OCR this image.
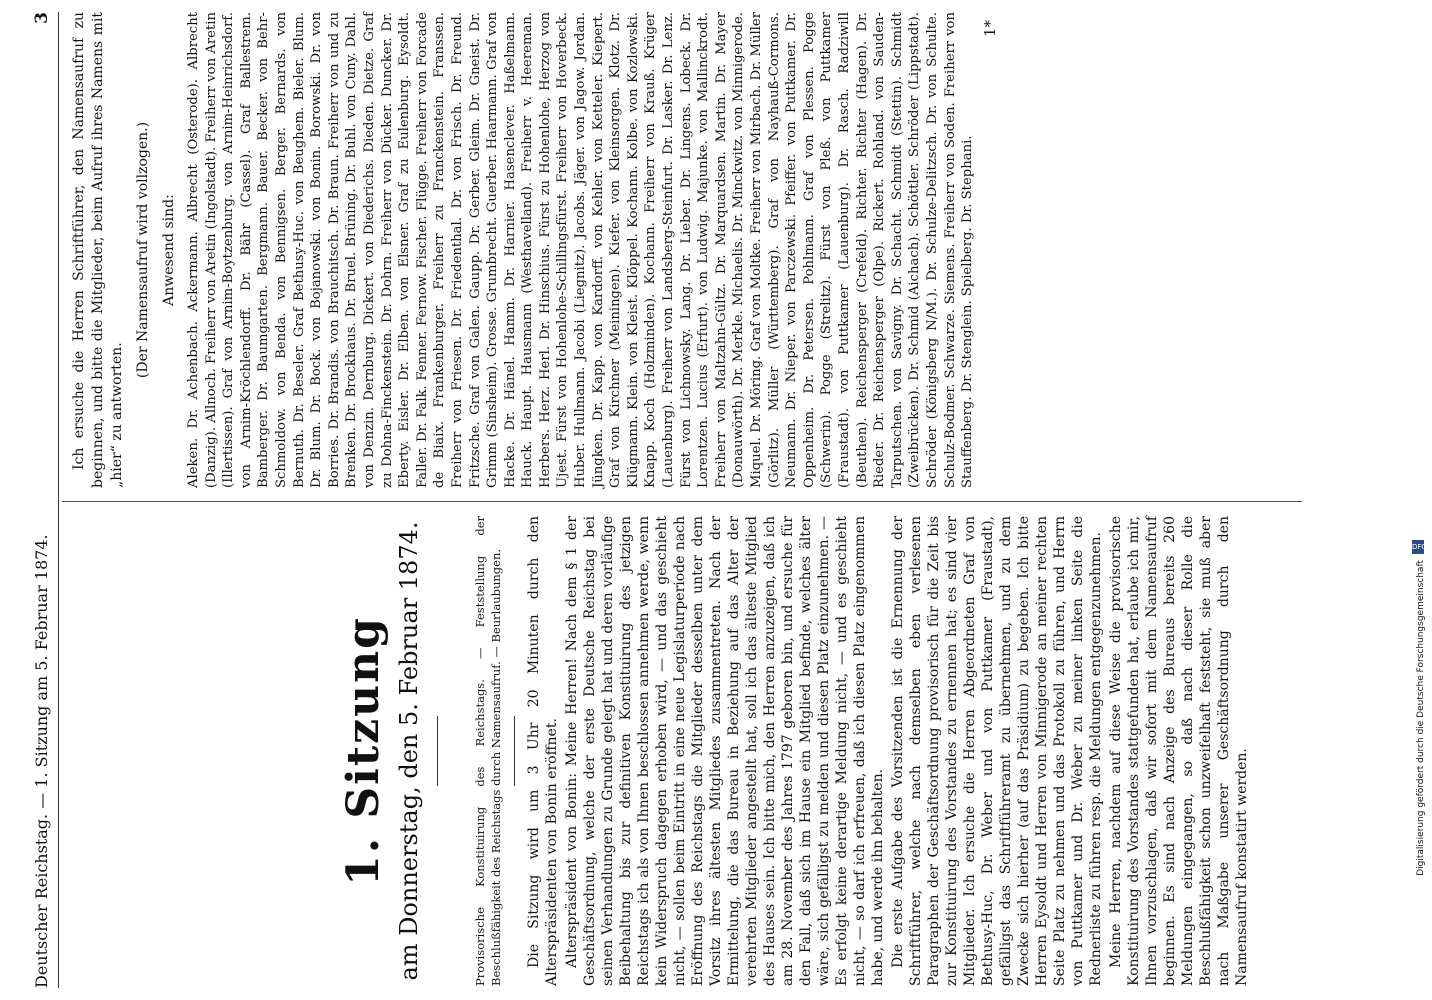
Deutscher Reichstag. — 1. Sitzung am 5. Februar 1874.
3
1. Sitzung am Donnerstag, den 5. Februar 1874.	Provisorische Konstituirung des Reichstags. — Feststellung der Beschlußfähigkeit des Reichstags durch Namensaufruf. — Beurlaubungen. Die Sitzung wird um 3 Uhr 20 Minuten durch den Alterspräsidenten von Bonin eröffnet. Alterspräsident von Bonin: Meine Herren! Nach dem § 1 der Geschäftsordnung, welche der erste Deutsche Reichstag bei seinen Verhandlungen zu Grunde gelegt hat und deren vorläufige Beibehaltung bis zur definitiven Konstituirung des jetzigen Reichstags ich als von Ihnen beschlossen annehmen werde, wenn kein Widerspruch dagegen erhoben wird, — und das geschieht nicht, — sollen beim Eintritt in eine neue Legislaturperiode nach Eröffnung des Reichstags die Mitglieder desselben unter dem Vorsitz ihres ältesten Mitgliedes zusammentreten. Nach der Ermittelung, die das Bureau in Beziehung auf das Alter der verehrten Mitglieder angestellt hat, soll ich das älteste Mitglied des Hauses sein. Ich bitte mich, den Herren anzuzeigen, daß ich am 28. November des Jahres 1797 geboren bin, und ersuche für den Fall, daß sich im Hause ein Mitglied befinde, welches älter wäre, sich gefälligst zu melden und diesen Platz einzunehmen. — Es erfolgt keine derartige Meldung nicht, — und es geschieht nicht, — so darf ich erfreuen, daß ich diesen Platz eingenommen habe, und werde ihn behalten. Die erste Aufgabe des Vorsitzenden ist die Ernennung der Schriftführer, welche nach demselben eben verlesenen Paragraphen der Geschäftsordnung provisorisch für die Zeit bis zur Konstituirung des Vorstandes zu ernennen hat; es sind vier Mitglieder. Ich ersuche die Herren Abgeordneten Graf von Bethusy-Huc, Dr. Weber und von Puttkamer (Fraustadt), gefälligst das Schriftführeramt zu übernehmen, und zu dem Zwecke sich hierher (auf das Präsidium) zu begeben. Ich bitte Herren Eysoldt und Herren von Minnigerode an meiner rechten Seite Platz zu nehmen und das Protokoll zu führen, und Herrn von Puttkamer und Dr. Weber zu meiner linken Seite die Rednerliste zu führen resp. die Meldungen entgegenzunehmen. Meine Herren, nachdem auf diese Weise die provisorische Konstituirung des Vorstandes stattgefunden hat, erlaube ich mir, Ihnen vorzuschlagen, daß wir sofort mit dem Namensaufruf beginnen. Es sind nach Anzeige des Bureaus bereits 260 Meldungen eingegangen, so daß nach dieser Rolle die Beschlußfähigkeit schon unzweifelhaft feststeht, sie muß aber nach Maßgabe unserer Geschäftsordnung durch den Namensaufruf konstatirt werden.

Ich ersuche die Herren Schriftführer, den Namensaufruf zu beginnen, und bitte die Mitglieder, beim Aufruf ihres Namens mit „hier“ zu antworten.
(Der Namensaufruf wird vollzogen.) Anwesend sind: Aleken. Dr. Achenbach. Ackermann. Albrecht (Osterode). Albrecht (Danzig). Allnoch. Freiherr von Aretin (Ingolstadt). Freiherr von Aretin (Illertissen). Graf von Arnim-Boytzenburg. von Arnim-Heinrichsdorf. von Arnim-Kröchlendorff. Dr. Bähr (Cassel). Graf Ballestrem. Bamberger. Dr. Baumgarten. Bergmann. Bauer. Becker. von Behr-Schmoldow. von Benda. von Bennigsen. Berger. Bernards. von Bernuth. Dr. Beseler. Graf Bethusy-Huc. von Beughem. Bieler. Blum. Dr. Blum. Dr. Bock. von Bojanowski. von Bonin. Borowski. Dr. von Borries. Dr. Brandis. von Brauchitsch. Dr. Braun. Freiherr von und zu Brenken. Dr. Brockhaus. Dr. Bruel. Brüning. Dr. Buhl. von Cuny. Dahl. von Denzin. Dernburg. Dickert. von Diederichs. Dieden. Dietze. Graf zu Dohna-Finckenstein. Dr. Dohrn. Freiherr von Dücker. Duncker. Dr. Eberty. Eisler. Dr. Elben. von Elsner. Graf zu Eulenburg. Eysoldt. Faller. Dr. Falk. Fenner. Fernow. Fischer. Flügge. Freiherr von Forcade de Biaix. Frankenburger. Freiherr zu Franckenstein. Franssen. Freiherr von Friesen. Dr. Friedenthal. Dr. von Frisch. Dr. Freund. Fritzsche. Graf von Galen. Gaupp. Dr. Gerber. Gleim. Dr. Gneist. Dr. Grimm (Sinsheim). Grosse. Grumbrecht. Guerber. Haarmann. Graf von Hacke. Dr. Hänel. Hamm. Dr. Harnier. Hasenclever. Haßelmann. Hauck. Haupt. Hausmann (Westhavelland). Freiherr v. Heereman. Herbers. Herz. Herl. Dr. Hinschius. Fürst zu Hohenlohe, Herzog von Ujest. Fürst von Hohenlohe-Schillingsfürst. Freiherr von Hoverbeck. Huber. Hullmann. Jacobi (Liegnitz). Jacobs. Jäger. von Jagow. Jordan. Jüngken. Dr. Kapp. von Kardorff. von Kehler. von Ketteler. Kiepert. Graf von Kirchner (Meiningen). Kiefer. von Kleinsorgen. Klotz. Dr. Klügmann. Klein. von Kleist. Klöppel. Kochann. Kolbe. von Kozlowski. Knapp. Koch (Holzminden). Kochann. Freiherr von Krauß. Krüger (Lauenburg). Freiherr von Landsberg-Steinfurt. Dr. Lasker. Dr. Lenz. Fürst von Lichnowsky. Lang. Dr. Lieber. Dr. Lingens. Lobeck. Dr. Lorentzen. Lucius (Erfurt). von Ludwig. Majunke. von Mallinckrodt. Freiherr von Maltzahn-Gültz. Dr. Marquardsen. Martin. Dr. Mayer (Donauwörth). Dr. Merkle. Michaelis. Dr. Minckwitz. von Minnigerode. Miquel. Dr. Möring. Graf von Moltke. Freiherr von Mirbach. Dr. Müller (Görlitz). Müller (Württemberg). Graf von Nayhauß-Cormons. Neumann. Dr. Nieper. von Parczewski. Pfeiffer. von Puttkamer. Dr. Oppenheim. Dr. Petersen. Pohlmann. Graf von Plessen. Pogge (Schwerin). Pogge (Strelitz). Fürst von Pleß. von Puttkamer (Fraustadt). von Puttkamer (Lauenburg). Dr. Rasch. Radziwill (Beuthen). Reichensperger (Crefeld). Richter. Richter (Hagen). Dr. Rieder. Dr. Reichensperger (Olpe). Rickert. Rohland. von Sauden-Tarputschen. von Savigny. Dr. Schacht. Schmidt (Stettin). Schmidt (Zweibrücken). Dr. Schmid (Aichach). Schöttler. Schröder (Lippstadt). Schröder (Königsberg N/M.). Dr. Schulze-Delitzsch. Dr. von Schulte. Schulz-Bodmer. Schwarze. Siemens. Freiherr von Soden. Freiherr von Stauffenberg. Dr. Stenglein. Spielberg. Dr. Stephani.
1*
DFG
Digitalisierung gefördert durch die Deutsche Forschungsgemeinschaft
